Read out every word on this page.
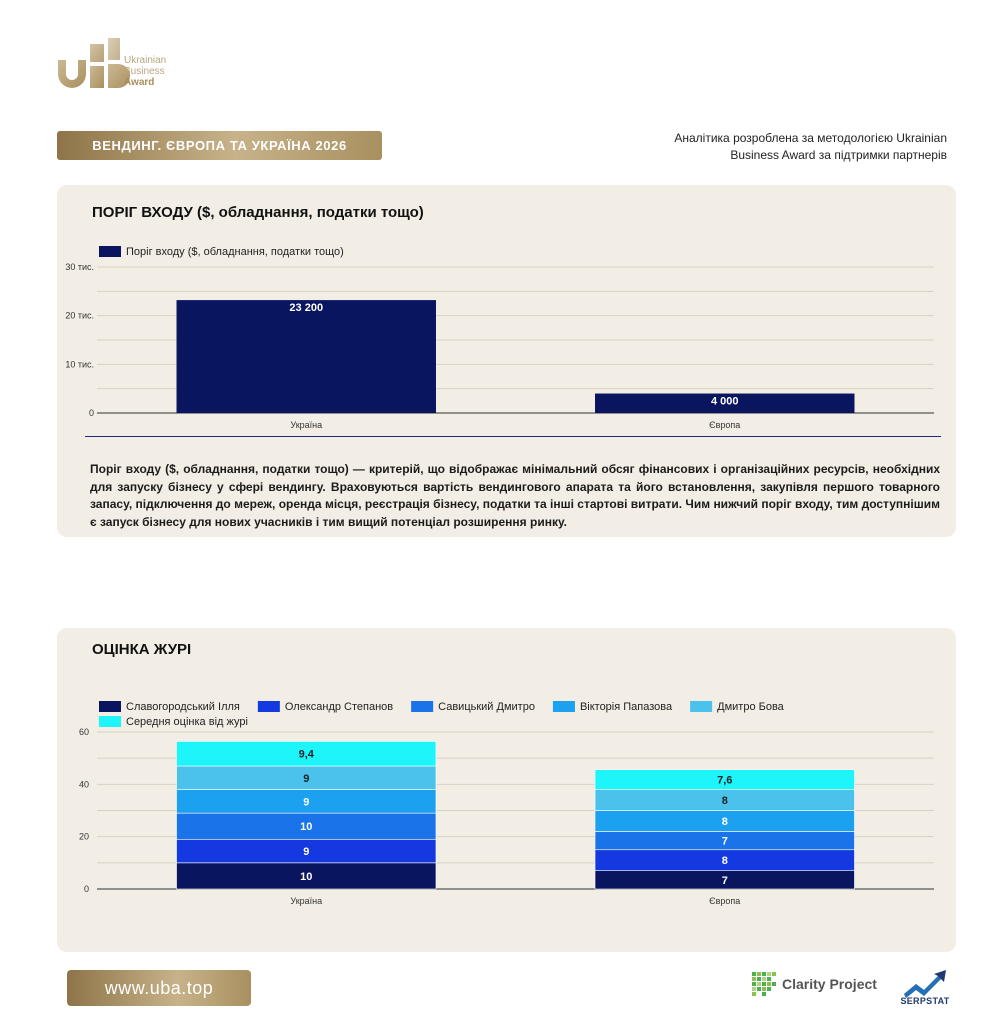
Ukrainian
Business
Award
ВЕНДИНГ. ЄВРОПА ТА УКРАЇНА 2026	Аналітика розроблена за методологією Ukrainian
Business Award за підтримки партнерів
ПОРІГ ВХОДУ ($, обладнання, податки тощо)
Поріг входу ($, обладнання, податки тощо)
0
10 тис.
20 тис.
30 тис.
23 200
Україна
4 000
Європа
Поріг входу ($, обладнання, податки тощо) — критерій, що відображає мінімальний обсяг фінансових і організаційних ресурсів, необхідних для запуску бізнесу у сфері вендингу. Враховуються вартість вендингового апарата та його встановлення, закупівля першого товарного запасу, підключення до мереж, оренда місця, реєстрація бізнесу, податки та інші стартові витрати. Чим нижчий поріг входу, тим доступнішим є запуск бізнесу для нових учасників і тим вищий потенціал розширення ринку.
ОЦІНКА ЖУРІ
Славогородський Ілля	Олександр Степанов	Савицький Дмитро	Вікторія Папазова	Дмитро Бова
Середня оцінка від журі
0
20
40
60
10
9
10
9
9
9,4
Україна
7
8
7
8
8
7,6
Європа
www.uba.top	Clarity Project
SERPSTAT
